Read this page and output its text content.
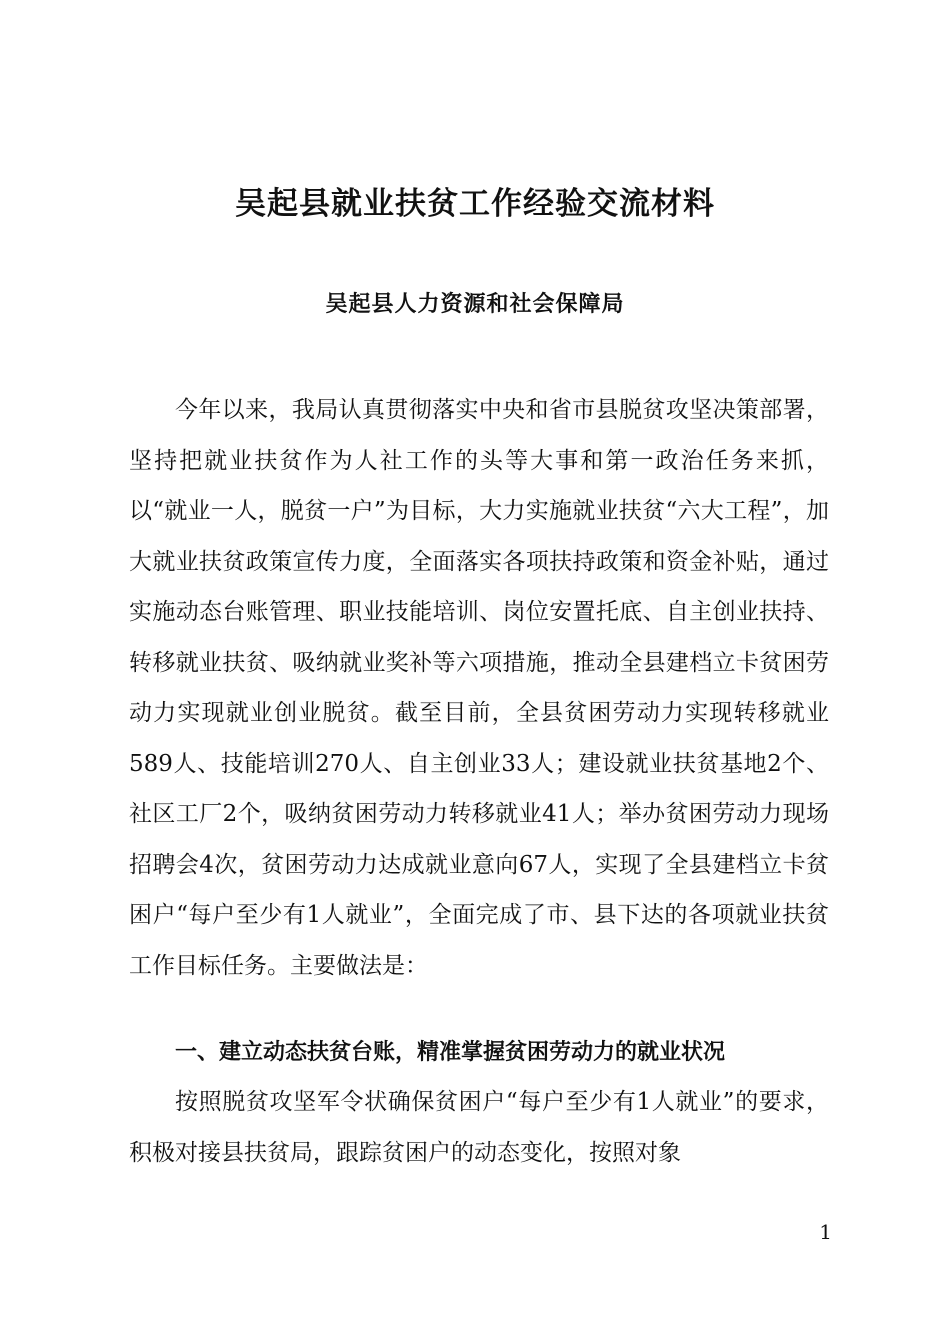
吴起县就业扶贫工作经验交流材料
吴起县人力资源和社会保障局

今年以来，我局认真贯彻落实中央和省市县脱贫攻坚决策部署，坚持把就业扶贫作为人社工作的头等大事和第一政治任务来抓，以“就业一人，脱贫一户”为目标，大力实施就业扶贫“六大工程”，加大就业扶贫政策宣传力度，全面落实各项扶持政策和资金补贴，通过实施动态台账管理、职业技能培训、岗位安置托底、自主创业扶持、转移就业扶贫、吸纳就业奖补等六项措施，推动全县建档立卡贫困劳动力实现就业创业脱贫。截至目前，全县贫困劳动力实现转移就业589人、技能培训270人、自主创业33人；建设就业扶贫基地2个、社区工厂2个，吸纳贫困劳动力转移就业41人；举办贫困劳动力现场招聘会4次，贫困劳动力达成就业意向67人，实现了全县建档立卡贫困户“每户至少有1人就业”，全面完成了市、县下达的各项就业扶贫工作目标任务。主要做法是：

一、建立动态扶贫台账，精准掌握贫困劳动力的就业状况

按照脱贫攻坚军令状确保贫困户“每户至少有1人就业”的要求，积极对接县扶贫局，跟踪贫困户的动态变化，按照对象

1
